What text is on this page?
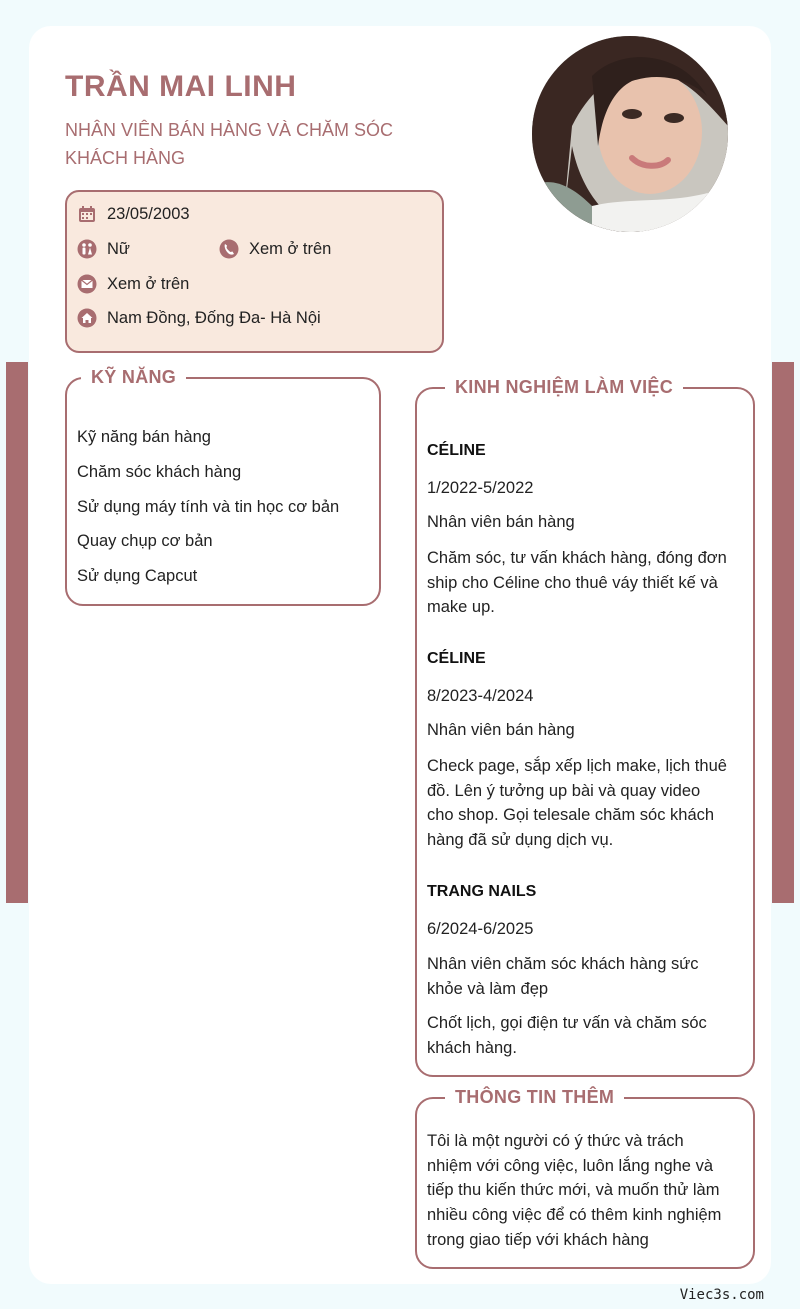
TRẦN MAI LINH
NHÂN VIÊN BÁN HÀNG VÀ CHĂM SÓC KHÁCH HÀNG
23/05/2003
Nữ	Xem ở trên
Xem ở trên
Nam Đồng, Đống Đa- Hà Nội
KỸ NĂNG
Kỹ năng bán hàng
Chăm sóc khách hàng
Sử dụng máy tính và tin học cơ bản
Quay chụp cơ bản
Sử dụng Capcut
KINH NGHIỆM LÀM VIỆC
CÉLINE
1/2022-5/2022
Nhân viên bán hàng
Chăm sóc, tư vấn khách hàng, đóng đơn ship cho Céline cho thuê váy thiết kế và make up.
CÉLINE
8/2023-4/2024
Nhân viên bán hàng
Check page, sắp xếp lịch make, lịch thuê đồ. Lên ý tưởng up bài và quay video cho shop. Gọi telesale chăm sóc khách hàng đã sử dụng dịch vụ.
TRANG NAILS
6/2024-6/2025
Nhân viên chăm sóc khách hàng sức khỏe và làm đẹp
Chốt lịch, gọi điện tư vấn và chăm sóc khách hàng.
THÔNG TIN THÊM
Tôi là một người có ý thức và trách nhiệm với công việc, luôn lắng nghe và tiếp thu kiến thức mới, và muốn thử làm nhiều công việc để có thêm kinh nghiệm trong giao tiếp với khách hàng
Viec3s.com
